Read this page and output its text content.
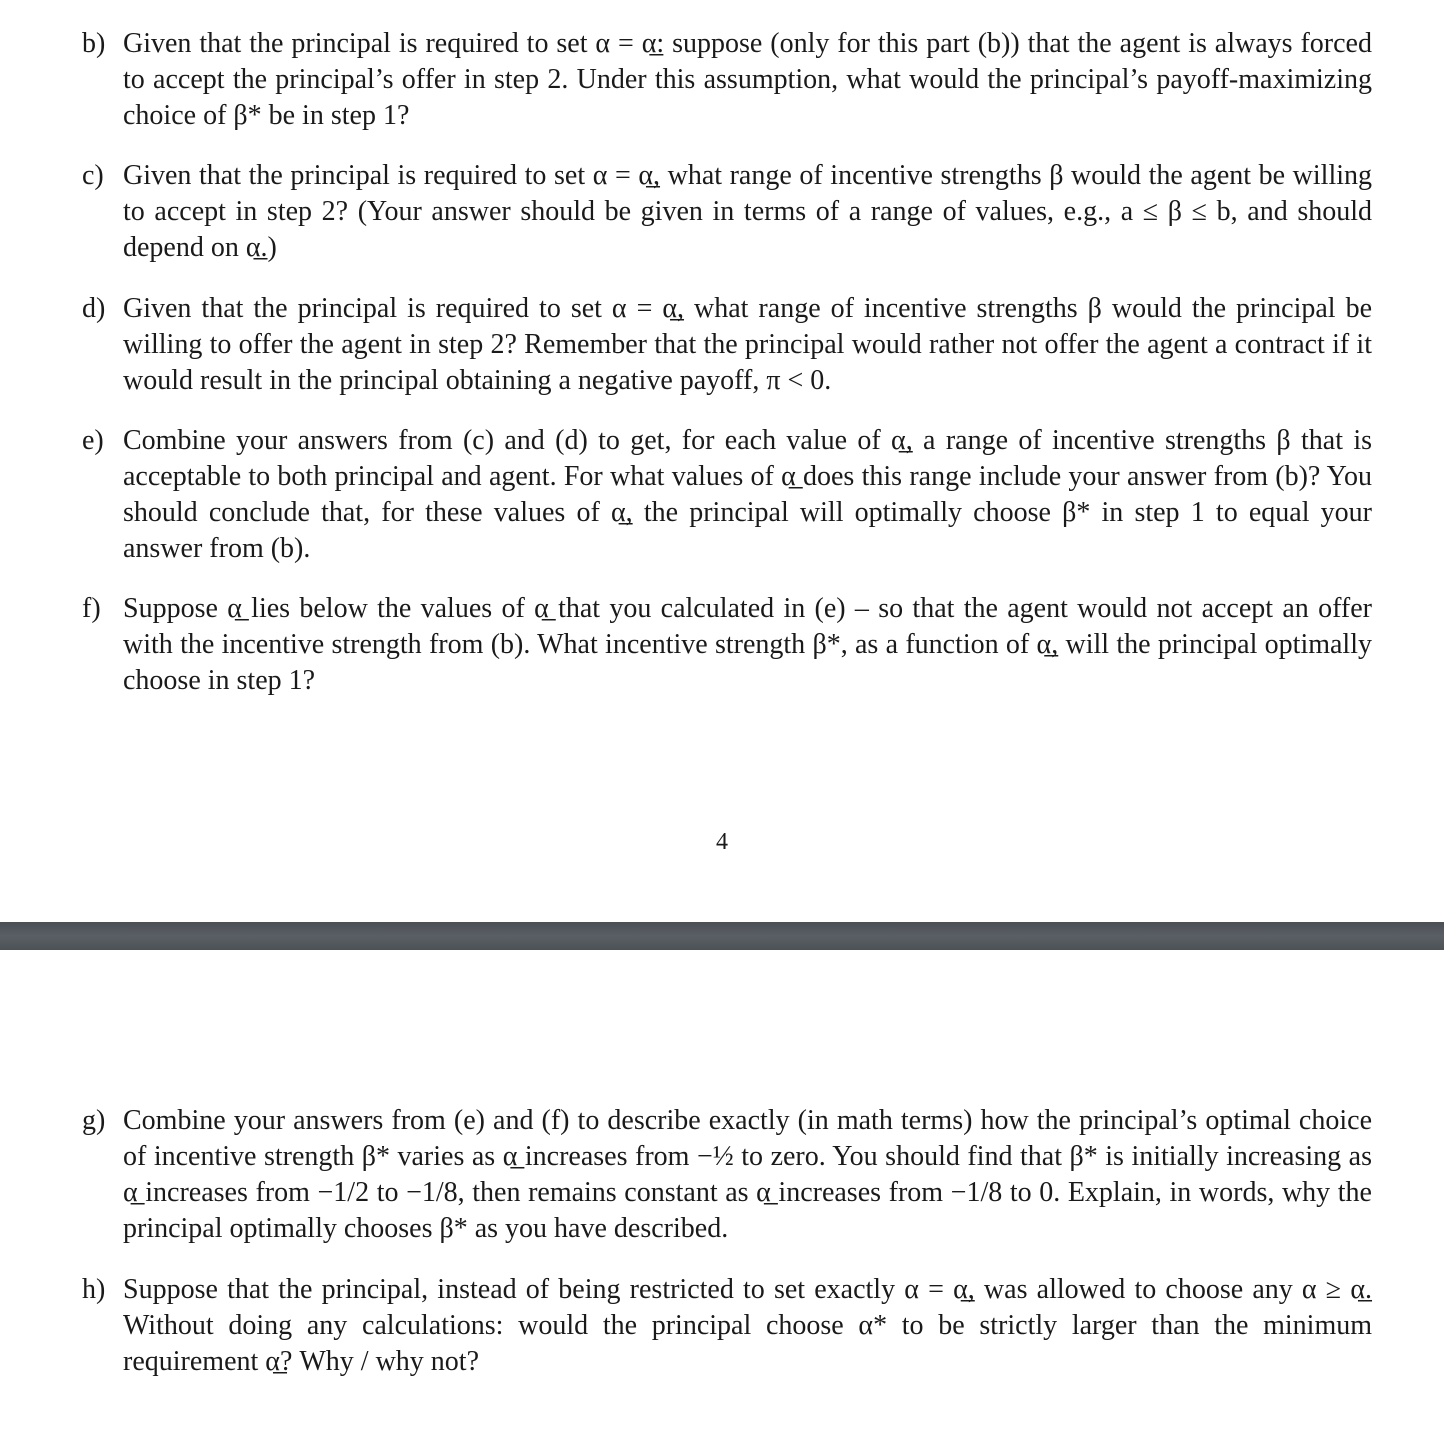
b) Given that the principal is required to set α = α̲: suppose (only for this part (b)) that the agent is always forced to accept the principal’s offer in step 2. Under this assumption, what would the principal’s payoff-maximizing choice of β* be in step 1?
c) Given that the principal is required to set α = α̲, what range of incentive strengths β would the agent be willing to accept in step 2? (Your answer should be given in terms of a range of values, e.g., a ≤ β ≤ b, and should depend on α̲.)
d) Given that the principal is required to set α = α̲, what range of incentive strengths β would the principal be willing to offer the agent in step 2? Remember that the principal would rather not offer the agent a contract if it would result in the principal obtaining a negative payoff, π < 0.
e) Combine your answers from (c) and (d) to get, for each value of α̲, a range of incentive strengths β that is acceptable to both principal and agent. For what values of α̲ does this range include your answer from (b)? You should conclude that, for these values of α̲, the principal will optimally choose β* in step 1 to equal your answer from (b).
f) Suppose α̲ lies below the values of α̲ that you calculated in (e) – so that the agent would not accept an offer with the incentive strength from (b). What incentive strength β*, as a function of α̲, will the principal optimally choose in step 1?
4
g) Combine your answers from (e) and (f) to describe exactly (in math terms) how the principal’s optimal choice of incentive strength β* varies as α̲ increases from −½ to zero. You should find that β* is initially increasing as α̲ increases from −1/2 to −1/8, then remains constant as α̲ increases from −1/8 to 0. Explain, in words, why the principal optimally chooses β* as you have described.
h) Suppose that the principal, instead of being restricted to set exactly α = α̲, was allowed to choose any α ≥ α̲. Without doing any calculations: would the principal choose α* to be strictly larger than the minimum requirement α̲? Why / why not?
